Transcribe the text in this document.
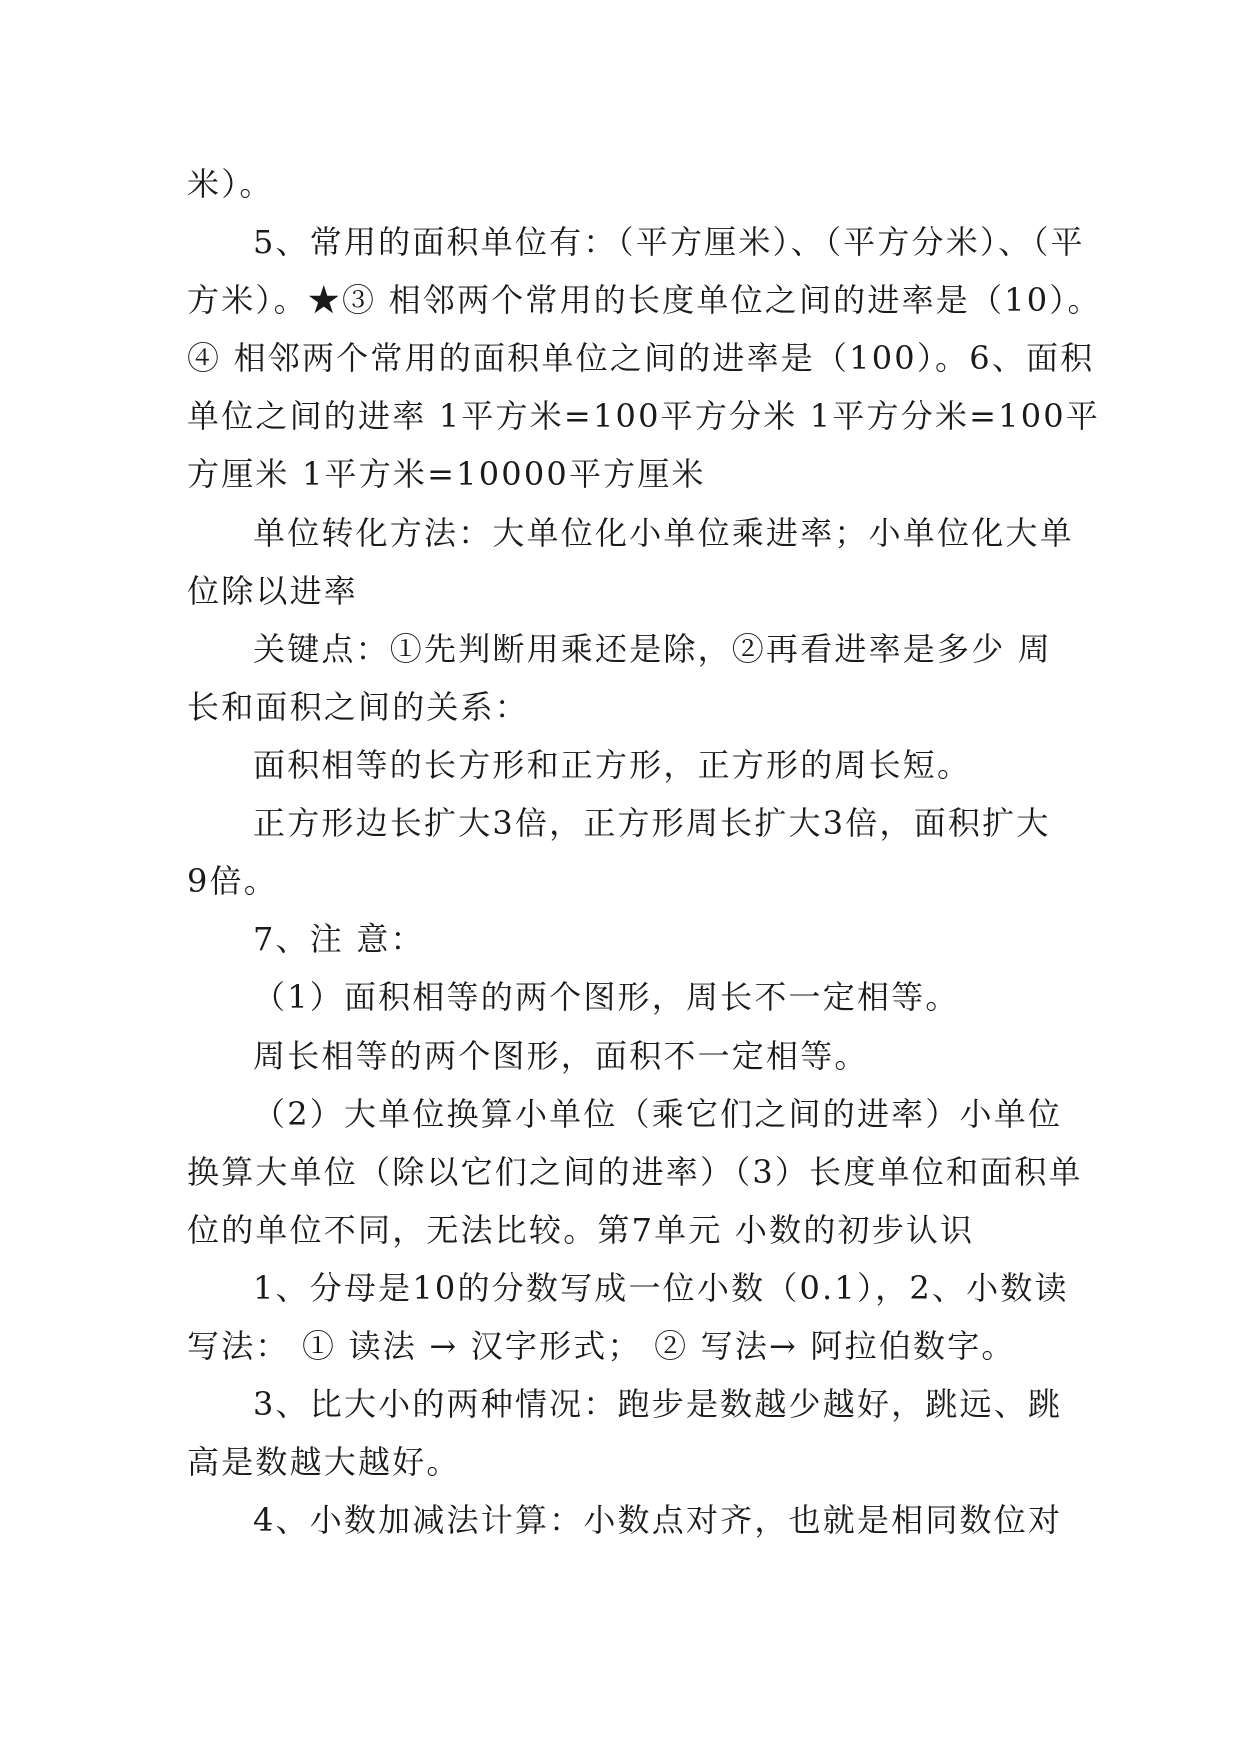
米）。
5、常用的面积单位有：（平方厘米）、（平方分米）、（平
方米）。★③ 相邻两个常用的长度单位之间的进率是（10）。
④ 相邻两个常用的面积单位之间的进率是（100）。6、面积
单位之间的进率 1平方米=100平方分米 1平方分米=100平
方厘米 1平方米=10000平方厘米
单位转化方法：大单位化小单位乘进率；小单位化大单
位除以进率
关键点：①先判断用乘还是除，②再看进率是多少 周
长和面积之间的关系：
面积相等的长方形和正方形，正方形的周长短。
正方形边长扩大3倍，正方形周长扩大3倍，面积扩大
9倍。
7、注 意：
（1）面积相等的两个图形，周长不一定相等。
周长相等的两个图形，面积不一定相等。
（2）大单位换算小单位（乘它们之间的进率）小单位
换算大单位（除以它们之间的进率）（3）长度单位和面积单
位的单位不同，无法比较。第7单元 小数的初步认识
1、分母是10的分数写成一位小数（0.1），2、小数读
写法： ① 读法 → 汉字形式； ② 写法→ 阿拉伯数字。
3、比大小的两种情况：跑步是数越少越好，跳远、跳
高是数越大越好。
4、小数加减法计算：小数点对齐，也就是相同数位对
